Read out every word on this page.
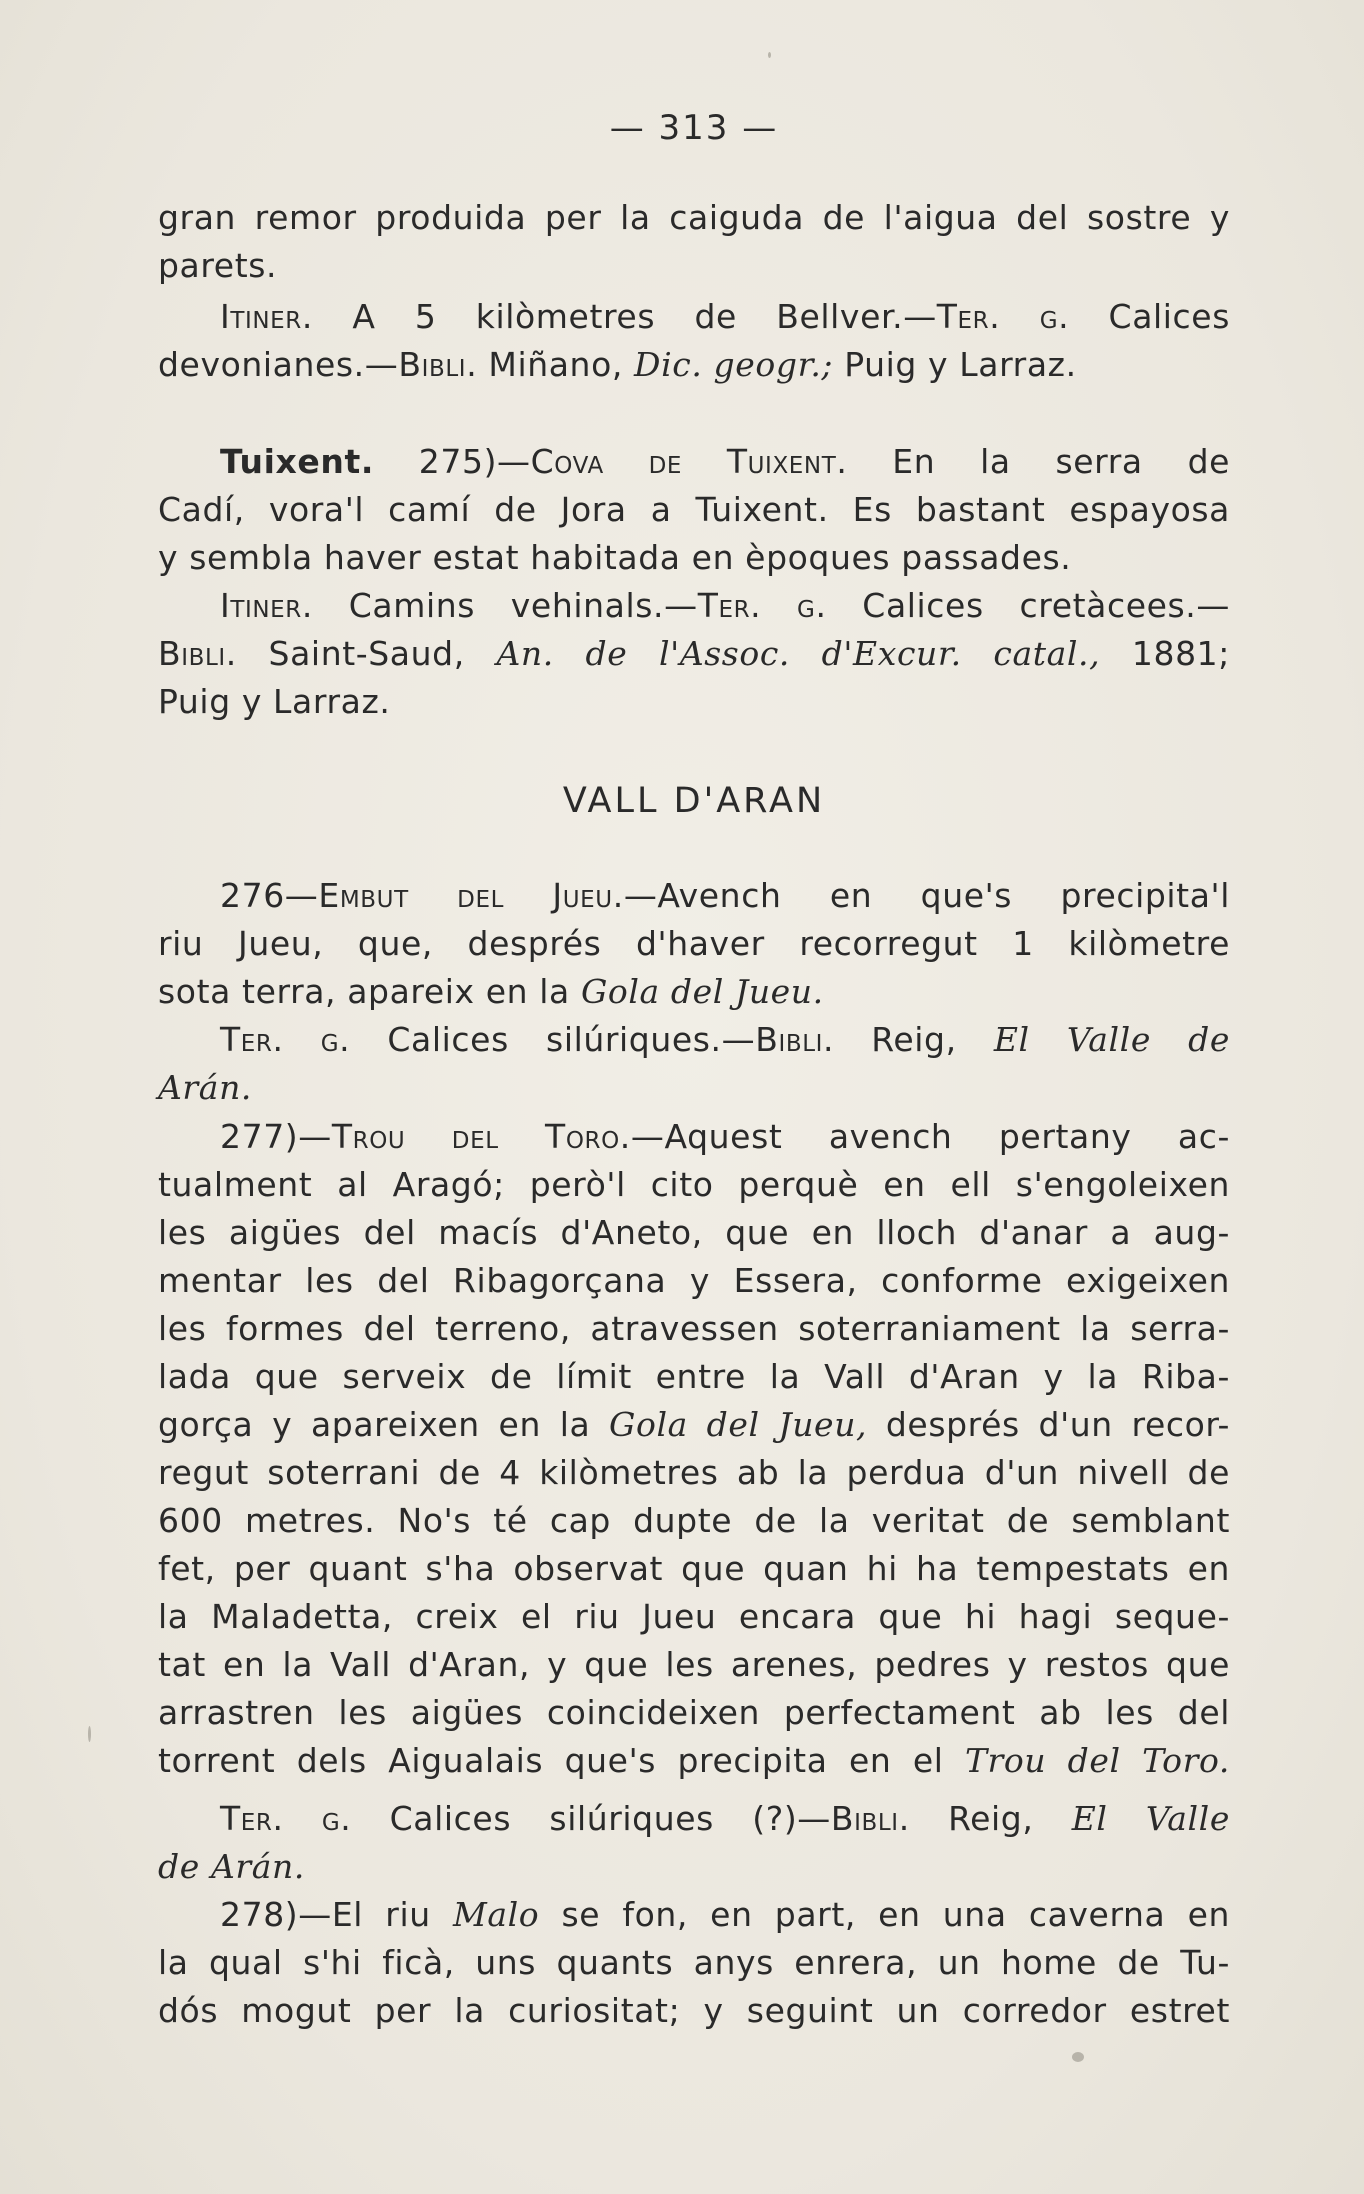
— 313 —
gran remor produida per la caiguda de l'aigua del sostre y
parets.
Itiner. A 5 kilòmetres de Bellver.—Ter. g. Calices
devonianes.—Bibli. Miñano, Dic. geogr.; Puig y Larraz.
Tuixent. 275)—Cova de Tuixent. En la serra de
Cadí, vora'l camí de Jora a Tuixent. Es bastant espayosa
y sembla haver estat habitada en èpoques passades.
Itiner. Camins vehinals.—Ter. g. Calices cretàcees.—
Bibli. Saint-Saud, An. de l'Assoc. d'Excur. catal., 1881;
Puig y Larraz.
VALL D'ARAN
276—Embut del Jueu.—Avench en que's precipita'l
riu Jueu, que, després d'haver recorregut 1 kilòmetre
sota terra, apareix en la Gola del Jueu.
Ter. g. Calices silúriques.—Bibli. Reig, El Valle de
Arán.
277)—Trou del Toro.—Aquest avench pertany ac-
tualment al Aragó; però'l cito perquè en ell s'engoleixen
les aigües del macís d'Aneto, que en lloch d'anar a aug-
mentar les del Ribagorçana y Essera, conforme exigeixen
les formes del terreno, atravessen soterraniament la serra-
lada que serveix de límit entre la Vall d'Aran y la Riba-
gorça y apareixen en la Gola del Jueu, després d'un recor-
regut soterrani de 4 kilòmetres ab la perdua d'un nivell de
600 metres. No's té cap dupte de la veritat de semblant
fet, per quant s'ha observat que quan hi ha tempestats en
la Maladetta, creix el riu Jueu encara que hi hagi seque-
tat en la Vall d'Aran, y que les arenes, pedres y restos que
arrastren les aigües coincideixen perfectament ab les del
torrent dels Aigualais que's precipita en el Trou del Toro.
Ter. g. Calices silúriques (?)—Bibli. Reig, El Valle
de Arán.
278)—El riu Malo se fon, en part, en una caverna en
la qual s'hi ficà, uns quants anys enrera, un home de Tu-
dós mogut per la curiositat; y seguint un corredor estret
